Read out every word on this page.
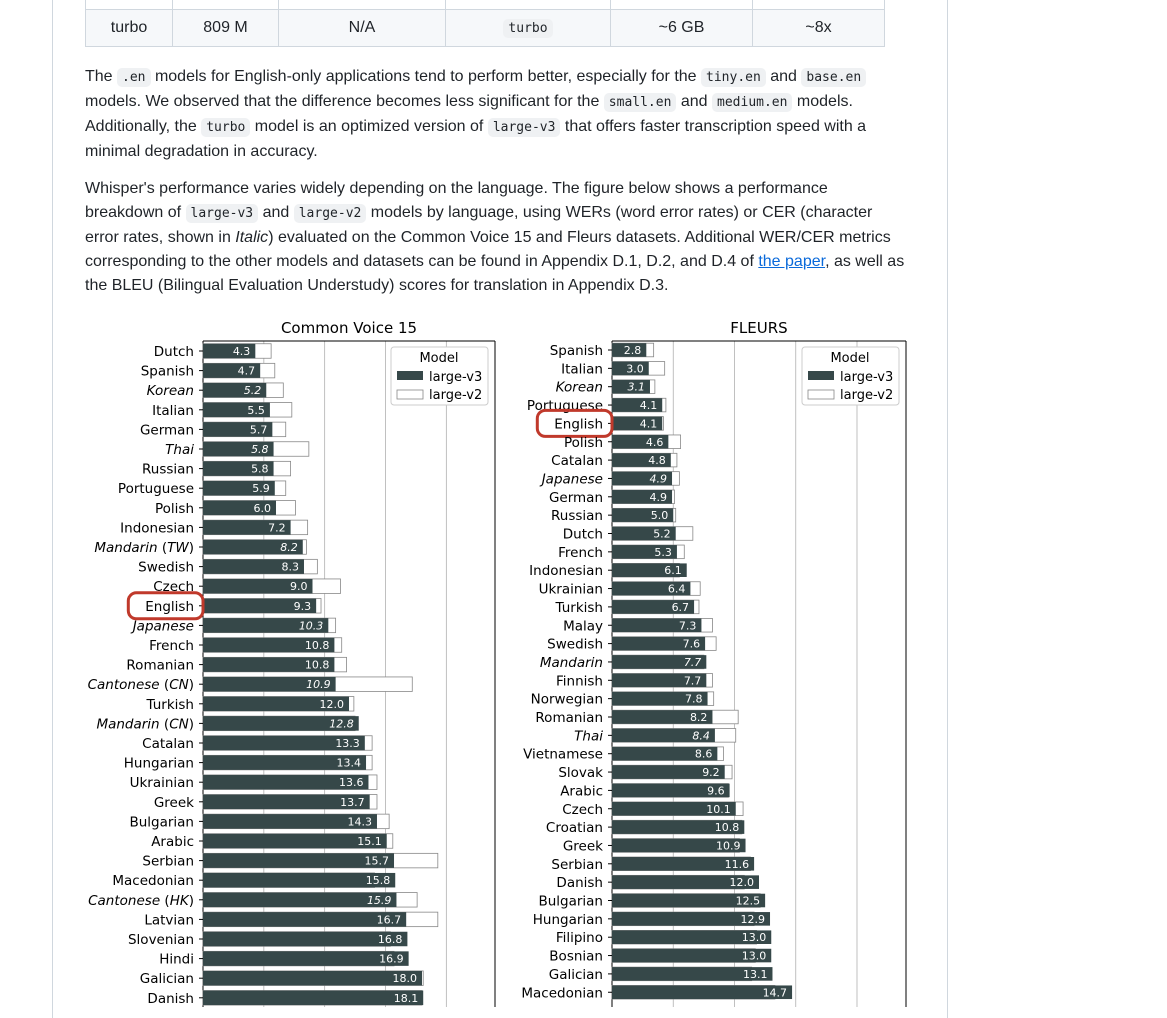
turbo	809 M	N/A	turbo	~6 GB	~8x

The .en models for English-only applications tend to perform better, especially for the tiny.en and base.en models. We observed that the difference becomes less significant for the small.en and medium.en models. Additionally, the turbo model is an optimized version of large-v3 that offers faster transcription speed with a minimal degradation in accuracy.

Whisper's performance varies widely depending on the language. The figure below shows a performance breakdown of large-v3 and large-v2 models by language, using WERs (word error rates) or CER (character error rates, shown in Italic) evaluated on the Common Voice 15 and Fleurs datasets. Additional WER/CER metrics corresponding to the other models and datasets can be found in Appendix D.1, D.2, and D.4 of the paper, as well as the BLEU (Bilingual Evaluation Understudy) scores for translation in Appendix D.3.

Common Voice 15
4.3
Dutch
4.7
Spanish
5.2
Korean
5.5
Italian
5.7
German
5.8
Thai
5.8
Russian
5.9
Portuguese
6.0
Polish
7.2
Indonesian
8.2
Mandarin (TW)
8.3
Swedish
9.0
Czech
9.3
English
10.3
Japanese
10.8
French
10.8
Romanian
10.9
Cantonese (CN)
12.0
Turkish
12.8
Mandarin (CN)
13.3
Catalan
13.4
Hungarian
13.6
Ukrainian
13.7
Greek
14.3
Bulgarian
15.1
Arabic
15.7
Serbian
15.8
Macedonian
15.9
Cantonese (HK)
16.7
Latvian
16.8
Slovenian
16.9
Hindi
18.0
Galician
18.1
Danish
Model
large-v3
large-v2
FLEURS
2.8
Spanish
3.0
Italian
3.1
Korean
4.1
Portuguese
4.1
English
4.6
Polish
4.8
Catalan
4.9
Japanese
4.9
German
5.0
Russian
5.2
Dutch
5.3
French
6.1
Indonesian
6.4
Ukrainian
6.7
Turkish
7.3
Malay
7.6
Swedish
7.7
Mandarin
7.7
Finnish
7.8
Norwegian
8.2
Romanian
8.4
Thai
8.6
Vietnamese
9.2
Slovak
9.6
Arabic
10.1
Czech
10.8
Croatian
10.9
Greek
11.6
Serbian
12.0
Danish
12.5
Bulgarian
12.9
Hungarian
13.0
Filipino
13.0
Bosnian
13.1
Galician
14.7
Macedonian
Model
large-v3
large-v2
